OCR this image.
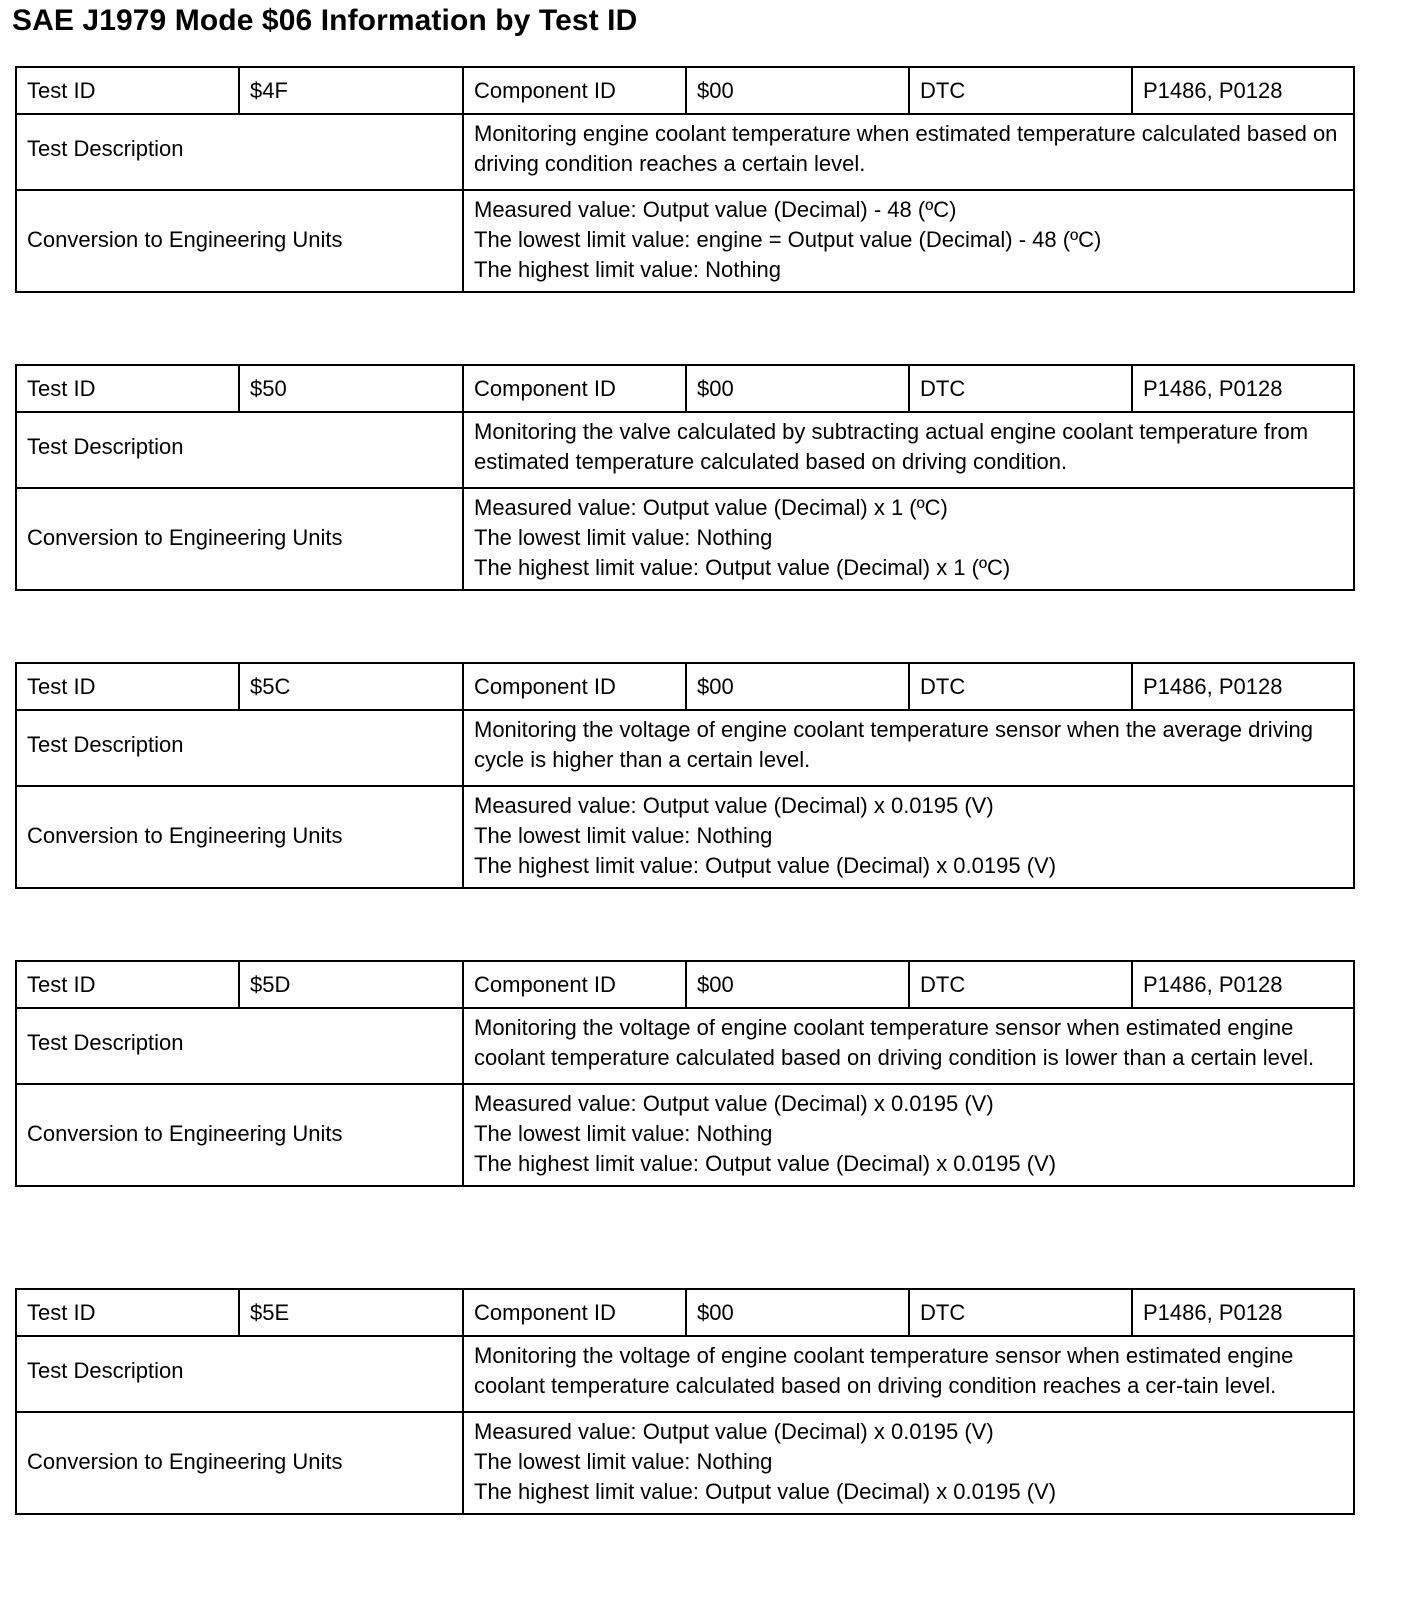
SAE J1979 Mode $06 Information by Test ID
Test ID	$4F	Component ID	$00	DTC	P1486, P0128
Test Description		Monitoring engine coolant temperature when estimated temperature calculated based on driving condition reaches a certain level.			
Conversion to Engineering Units		Measured value: Output value (Decimal) - 48 (ºC)
The lowest limit value: engine = Output value (Decimal) - 48 (ºC)
The highest limit value: Nothing			
Test ID	$50	Component ID	$00	DTC	P1486, P0128
Test Description		Monitoring the valve calculated by subtracting actual engine coolant temperature from estimated temperature calculated based on driving condition.			
Conversion to Engineering Units		Measured value: Output value (Decimal) x 1 (ºC)
The lowest limit value: Nothing
The highest limit value: Output value (Decimal) x 1 (ºC)			
Test ID	$5C	Component ID	$00	DTC	P1486, P0128
Test Description		Monitoring the voltage of engine coolant temperature sensor when the average driving cycle is higher than a certain level.			
Conversion to Engineering Units		Measured value: Output value (Decimal) x 0.0195 (V)
The lowest limit value: Nothing
The highest limit value: Output value (Decimal) x 0.0195 (V)			
Test ID	$5D	Component ID	$00	DTC	P1486, P0128
Test Description		Monitoring the voltage of engine coolant temperature sensor when estimated engine coolant temperature calculated based on driving condition is lower than a certain level.			
Conversion to Engineering Units		Measured value: Output value (Decimal) x 0.0195 (V)
The lowest limit value: Nothing
The highest limit value: Output value (Decimal) x 0.0195 (V)			
Test ID	$5E	Component ID	$00	DTC	P1486, P0128
Test Description		Monitoring the voltage of engine coolant temperature sensor when estimated engine coolant temperature calculated based on driving condition reaches a cer-tain level.			
Conversion to Engineering Units		Measured value: Output value (Decimal) x 0.0195 (V)
The lowest limit value: Nothing
The highest limit value: Output value (Decimal) x 0.0195 (V)			
